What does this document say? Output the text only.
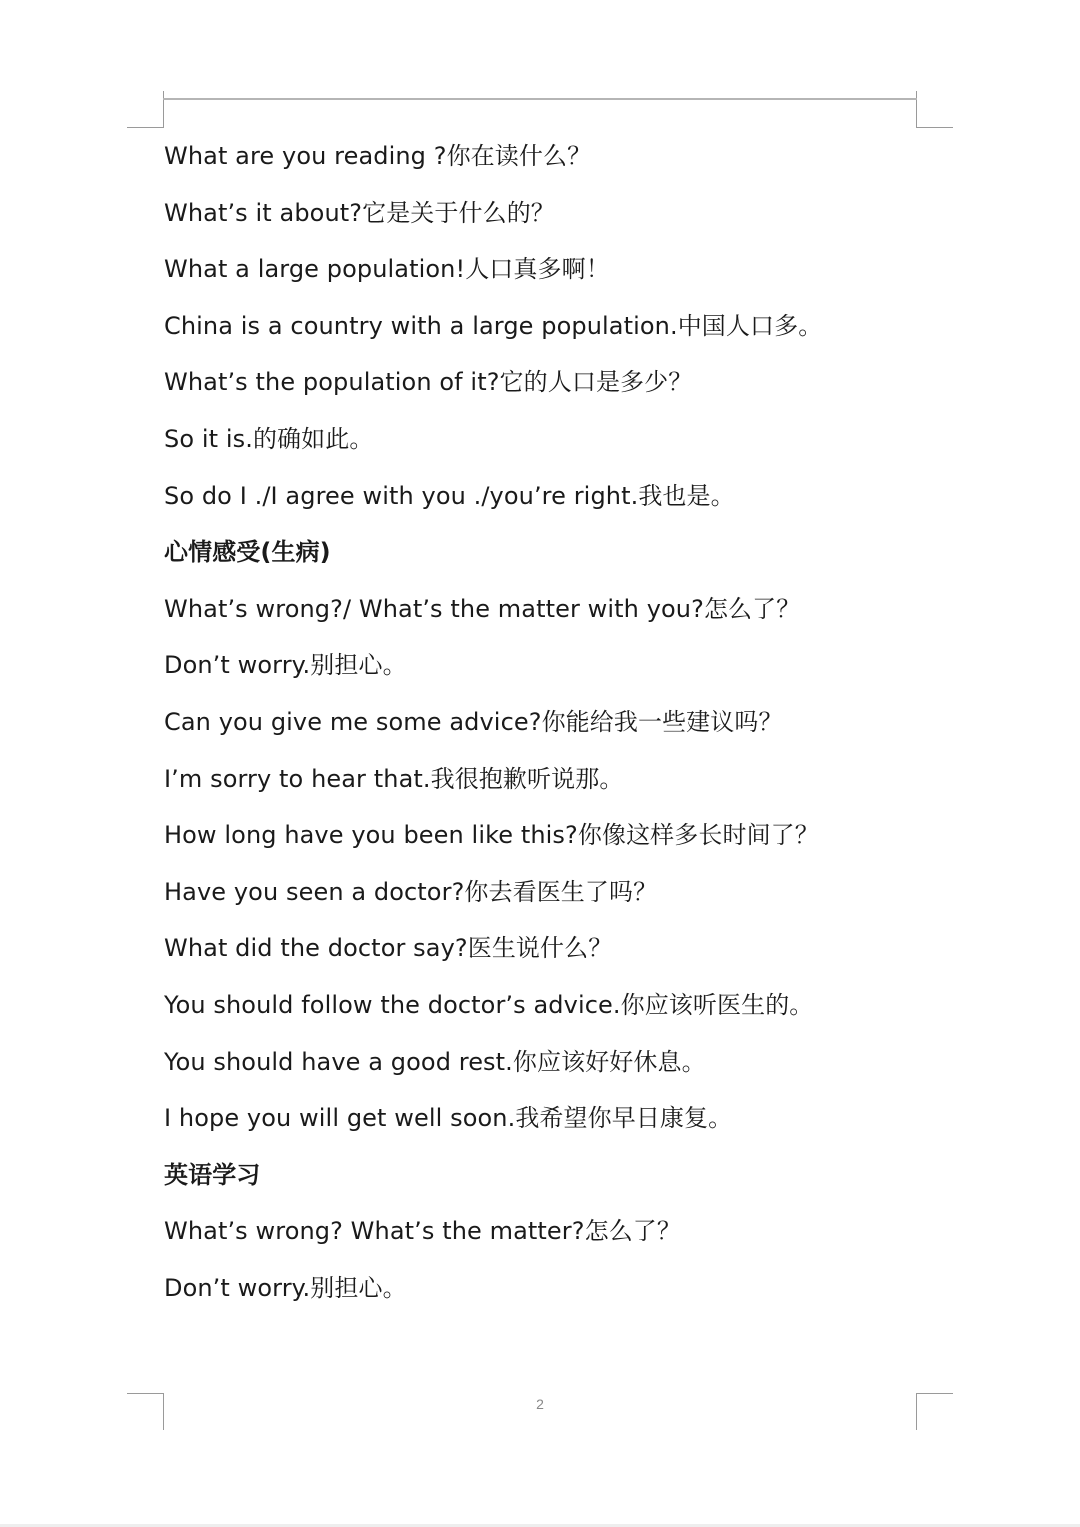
What are you reading ?你在读什么？
What’s it about?它是关于什么的？
What a large population!人口真多啊！
China is a country with a large population.中国人口多。
What’s the population of it?它的人口是多少？
So it is.的确如此。
So do I ./I agree with you ./you’re right.我也是。
心情感受(生病)
What’s wrong?/ What’s the matter with you?怎么了？
Don’t worry.别担心。
Can you give me some advice?你能给我一些建议吗？
I’m sorry to hear that.我很抱歉听说那。
How long have you been like this?你像这样多长时间了？
Have you seen a doctor?你去看医生了吗？
What did the doctor say?医生说什么？
You should follow the doctor’s advice.你应该听医生的。
You should have a good rest.你应该好好休息。
I hope you will get well soon.我希望你早日康复。
英语学习
What’s wrong? What’s the matter?怎么了？
Don’t worry.别担心。
2
